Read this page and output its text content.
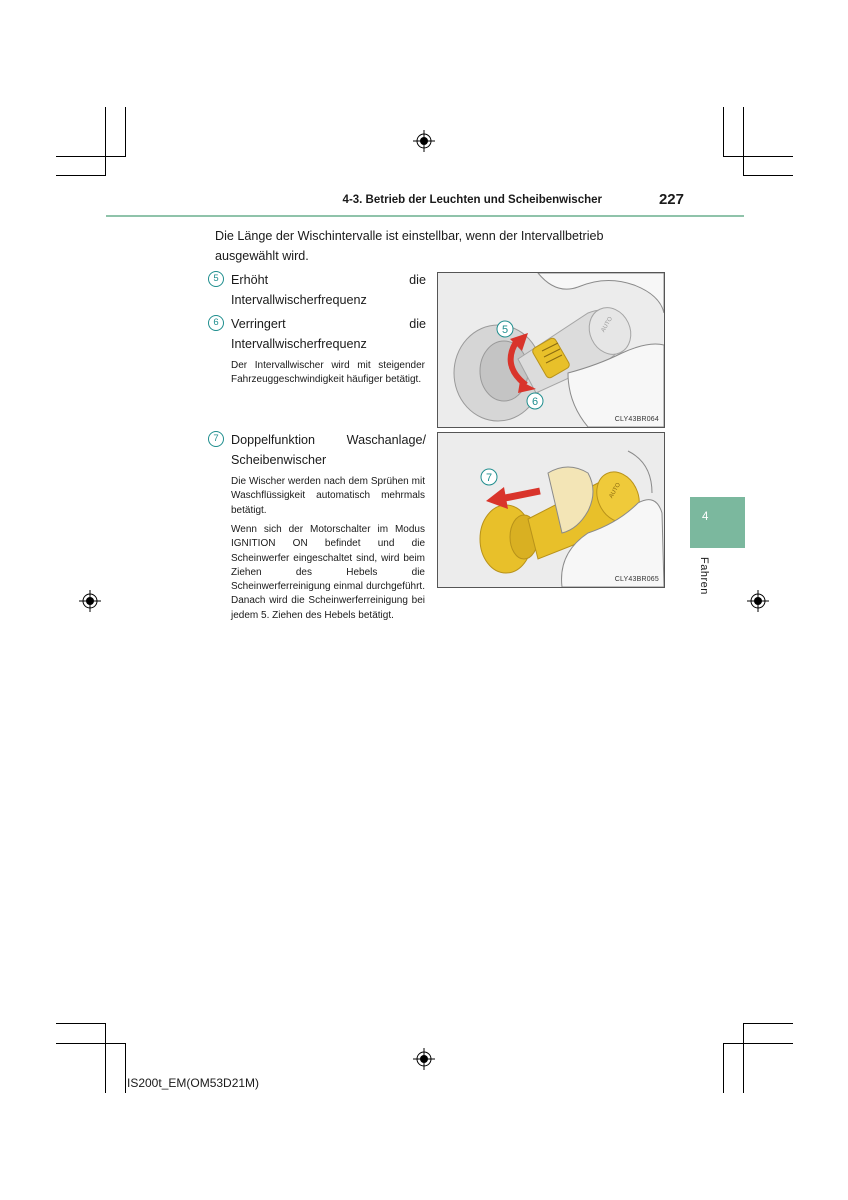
4-3. Betrieb der Leuchten und Scheibenwischer	227
Die Länge der Wischintervalle ist einstellbar, wenn der Intervallbetrieb ausgewählt wird.
5 Erhöht die Intervallwischerfrequenz
6 Verringert die Intervallwischerfrequenz
Der Intervallwischer wird mit steigender Fahrzeuggeschwindigkeit häufiger betätigt.
7 Doppelfunktion Waschanlage/ Scheibenwischer
Die Wischer werden nach dem Sprühen mit Waschflüssigkeit automatisch mehrmals betätigt.
Wenn sich der Motorschalter im Modus IGNITION ON befindet und die Scheinwerfer eingeschaltet sind, wird beim Ziehen des Hebels die Scheinwerferreinigung einmal durchgeführt. Danach wird die Scheinwerferreinigung bei jedem 5. Ziehen des Hebels betätigt.
AUTO
5
6
CLY43BR064
AUTO
7
CLY43BR065
4
Fahren
IS200t_EM(OM53D21M)
